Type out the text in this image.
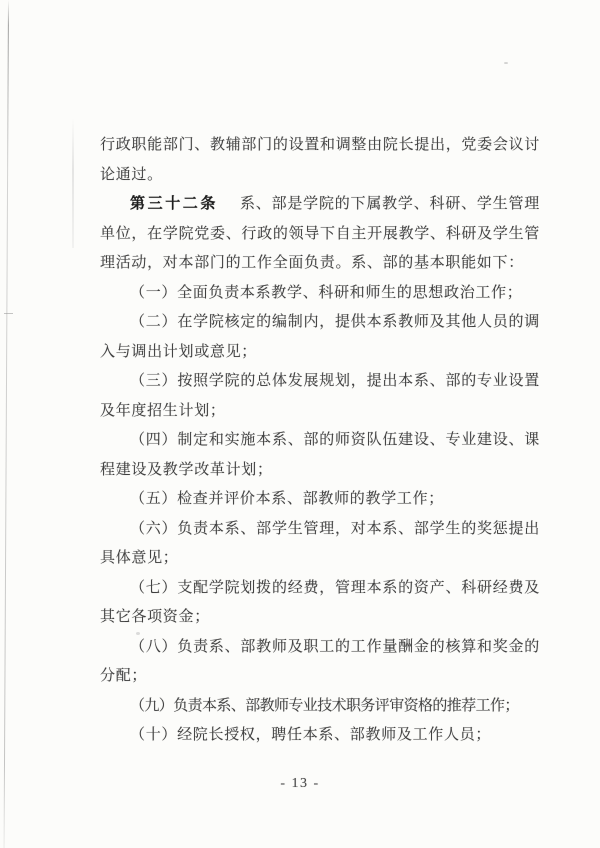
行政职能部门、教辅部门的设置和调整由院长提出，党委会议讨论通过。

第三十二条 系、部是学院的下属教学、科研、学生管理单位，在学院党委、行政的领导下自主开展教学、科研及学生管理活动，对本部门的工作全面负责。系、部的基本职能如下：

（一）全面负责本系教学、科研和师生的思想政治工作；

（二）在学院核定的编制内，提供本系教师及其他人员的调入与调出计划或意见；

（三）按照学院的总体发展规划，提出本系、部的专业设置及年度招生计划；

（四）制定和实施本系、部的师资队伍建设、专业建设、课程建设及教学改革计划；

（五）检查并评价本系、部教师的教学工作；

（六）负责本系、部学生管理，对本系、部学生的奖惩提出具体意见；

（七）支配学院划拨的经费，管理本系的资产、科研经费及其它各项资金；

（八）负责系、部教师及职工的工作量酬金的核算和奖金的分配；

（九）负责本系、部教师专业技术职务评审资格的推荐工作；

（十）经院长授权，聘任本系、部教师及工作人员；

- 13 -
